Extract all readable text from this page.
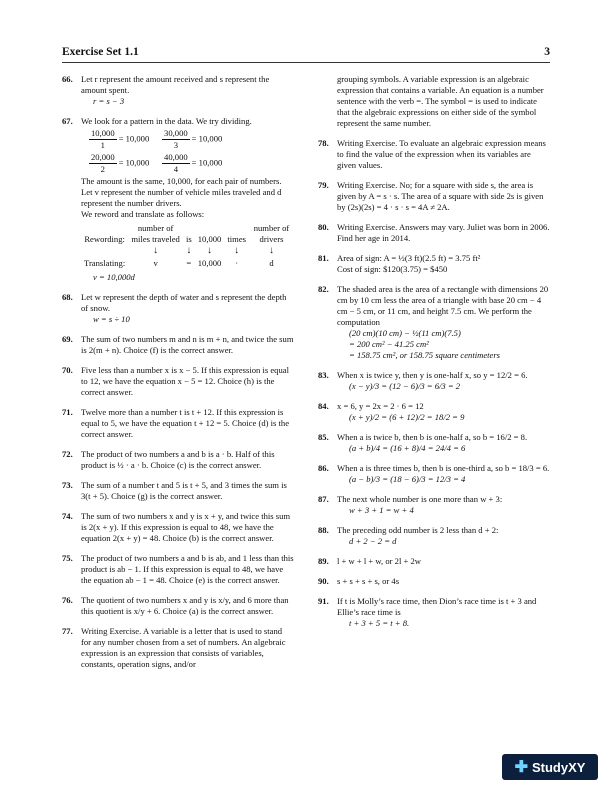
Exercise Set 1.1	3
66. Let r represent the amount received and s represent the amount spent.
r = s − 3
67. We look for a pattern in the data. We try dividing.
$\frac{10,000}{1} = 10,000 \frac{30,000}{3} = 10,000$
$\frac{20,000}{2} = 10,000 \frac{40,000}{4} = 10,000$
The amount is the same, 10,000, for each pair of numbers. Let v represent the number of vehicle miles traveled and d represent the number drivers.
We reword and translate as follows:
Rewording:	number of miles traveled	is	10,000	times	number of drivers
	↓	↓	↓	↓	↓
Translating:	v	=	10,000	·	d
v = 10,000d
68. Let w represent the depth of water and s represent the depth of snow.
w = s ÷ 10
69. The sum of two numbers m and n is m + n, and twice the sum is 2(m + n). Choice (f) is the correct answer.
70. Five less than a number x is x − 5. If this expression is equal to 12, we have the equation x − 5 = 12. Choice (h) is the correct answer.
71. Twelve more than a number t is t + 12. If this expression is equal to 5, we have the equation t + 12 = 5. Choice (d) is the correct answer.
72. The product of two numbers a and b is a · b. Half of this product is ½ · a · b. Choice (c) is the correct answer.
73. The sum of a number t and 5 is t + 5, and 3 times the sum is 3(t + 5). Choice (g) is the correct answer.
74. The sum of two numbers x and y is x + y, and twice this sum is 2(x + y). If this expression is equal to 48, we have the equation 2(x + y) = 48. Choice (b) is the correct answer.
75. The product of two numbers a and b is ab, and 1 less than this product is ab − 1. If this expression is equal to 48, we have the equation ab − 1 = 48. Choice (e) is the correct answer.
76. The quotient of two numbers x and y is x/y, and 6 more than this quotient is x/y + 6. Choice (a) is the correct answer.
77. Writing Exercise. A variable is a letter that is used to stand for any number chosen from a set of numbers. An algebraic expression is an expression that consists of variables, constants, operation signs, and/or
grouping symbols. A variable expression is an algebraic expression that contains a variable. An equation is a number sentence with the verb =. The symbol = is used to indicate that the algebraic expressions on either side of the symbol represent the same number.
78. Writing Exercise. To evaluate an algebraic expression means to find the value of the expression when its variables are given values.
79. Writing Exercise. No; for a square with side s, the area is given by A = s · s. The area of a square with side 2s is given by (2s)(2s) = 4 · s · s = 4A ≠ 2A.
80. Writing Exercise. Answers may vary. Juliet was born in 2006. Find her age in 2014.
81. Area of sign: A = ½(3 ft)(2.5 ft) = 3.75 ft²
Cost of sign: $120(3.75) = $450
82. The shaded area is the area of a rectangle with dimensions 20 cm by 10 cm less the area of a triangle with base 20 cm − 4 cm − 5 cm, or 11 cm, and height 7.5 cm. We perform the computation
(20 cm)(10 cm) − ½(11 cm)(7.5)
= 200 cm² − 41.25 cm²
= 158.75 cm², or 158.75 square centimeters
83. When x is twice y, then y is one-half x, so y = 12/2 = 6.
(x − y)/3 = (12 − 6)/3 = 6/3 = 2
84. x = 6, y = 2x = 2 · 6 = 12
(x + y)/2 = (6 + 12)/2 = 18/2 = 9
85. When a is twice b, then b is one-half a, so b = 16/2 = 8.
(a + b)/4 = (16 + 8)/4 = 24/4 = 6
86. When a is three times b, then b is one-third a, so b = 18/3 = 6.
(a − b)/3 = (18 − 6)/3 = 12/3 = 4
87. The next whole number is one more than w + 3:
w + 3 + 1 = w + 4
88. The preceding odd number is 2 less than d + 2:
d + 2 − 2 = d
89. l + w + l + w, or 2l + 2w
90. s + s + s + s, or 4s
91. If t is Molly’s race time, then Dion’s race time is t + 3 and Ellie’s race time is
t + 3 + 5 = t + 8.
✚ StudyXY
